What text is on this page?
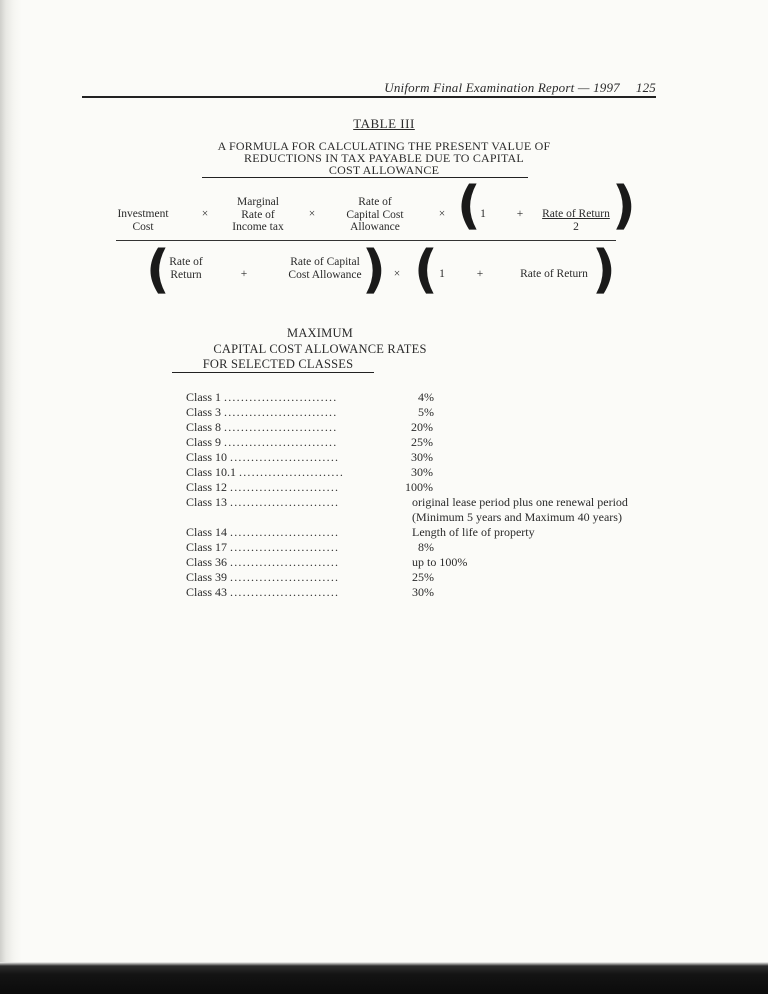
Uniform Final Examination Report — 1997 125
TABLE III
A FORMULA FOR CALCULATING THE PRESENT VALUE OF
REDUCTIONS IN TAX PAYABLE DUE TO CAPITAL
COST ALLOWANCE
Investment
Cost
×
Marginal
Rate of
Income tax
×
Rate of
Capital Cost
Allowance
× ( 1	+	Rate of Return
2 )
( Rate of
Return	+
Rate of Capital
Cost Allowance ) × ( 1	+	Rate of Return )
MAXIMUM
CAPITAL COST ALLOWANCE RATES
FOR SELECTED CLASSES
Class 1 ...........................	4%
Class 3 ...........................	5%
Class 8 ...........................	20%
Class 9 ...........................	25%
Class 10 ..........................	30%
Class 10.1 .........................	30%
Class 12 ..........................	100%
Class 13 ..........................	original lease period plus one renewal period
(Minimum 5 years and Maximum 40 years)
Class 14 ..........................	Length of life of property
Class 17 ..........................	8%
Class 36 ..........................	up to 100%
Class 39 ..........................	25%
Class 43 ..........................	30%
